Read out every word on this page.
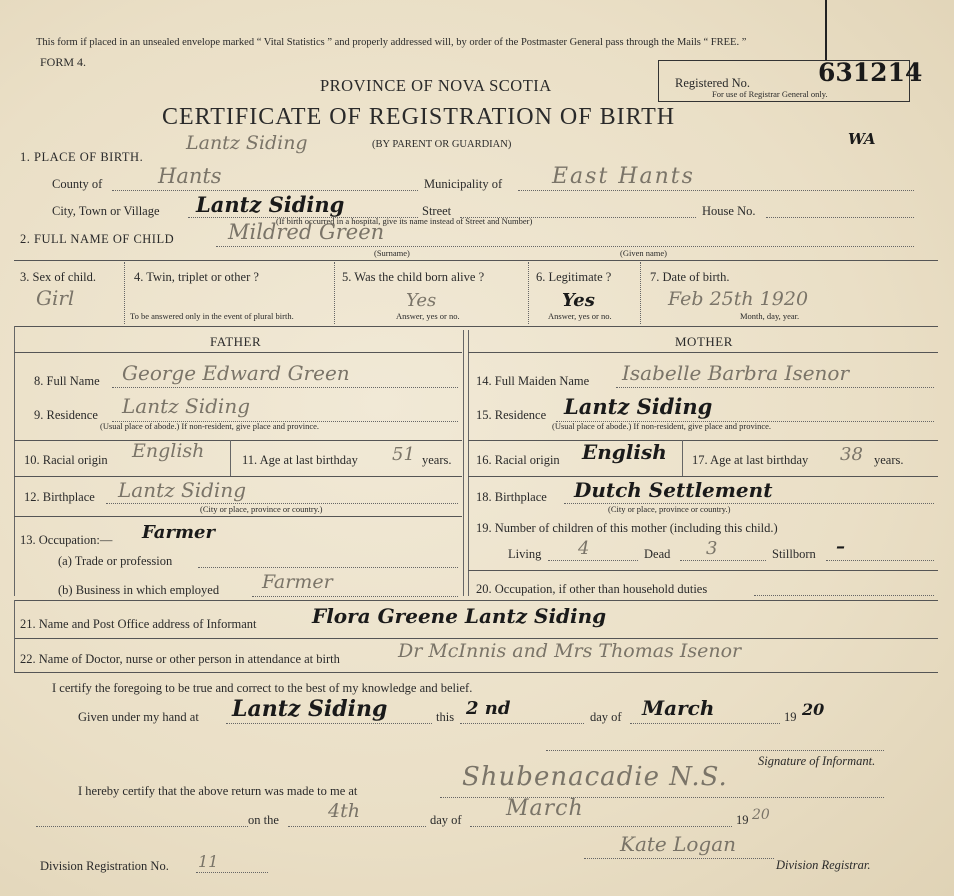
This form if placed in an unsealed envelope marked “ Vital Statistics ” and properly addressed will, by order of the Postmaster General pass through the Mails “ FREE. ”
FORM 4.
Registered No.	631214
For use of Registrar General only.
WA
PROVINCE OF NOVA SCOTIA
CERTIFICATE OF REGISTRATION OF BIRTH
(BY PARENT OR GUARDIAN)
1. PLACE OF BIRTH.
Lantz Siding
County of	Hants	Municipality of East Hants
City, Town or Village Lantz Siding
(If birth occurred in a hospital, give its name instead of Street and Number)
Street	House No.
2. FULL NAME OF CHILD	Mildred Green
(Surname)	(Given name)
3. Sex of child.
Girl
4. Twin, triplet or other ?
To be answered only in the event of plural birth.
5. Was the child born alive ?
Yes
Answer, yes or no.
6. Legitimate ?
Yes
Answer, yes or no.
7. Date of birth.
Feb 25th 1920
Month, day, year.
FATHER	MOTHER
8. Full Name George Edward Green
9. Residence Lantz Siding
(Usual place of abode.) If non-resident, give place and province.
10. Racial origin English	11. Age at last birthday 51 years.
12. Birthplace Lantz Siding
(City or place, province or country.)
13. Occupation:— Farmer
(a) Trade or profession
(b) Business in which employed Farmer
14. Full Maiden Name Isabelle Barbra Isenor
15. Residence Lantz Siding
(Usual place of abode.) If non-resident, give place and province.
16. Racial origin English 17. Age at last birthday 38 years.
18. Birthplace Dutch Settlement
(City or place, province or country.)
19. Number of children of this mother (including this child.)
Living 4	Dead 3	Stillborn –
20. Occupation, if other than household duties
21. Name and Post Office address of Informant	Flora Greene Lantz Siding
22. Name of Doctor, nurse or other person in attendance at birth	Dr McInnis and Mrs Thomas Isenor
I certify the foregoing to be true and correct to the best of my knowledge and belief.
Given under my hand at Lantz Siding	this 2 nd	day of March	19 20
Signature of Informant.
I hereby certify that the above return was made to me at	Shubenacadie N.S.
on the	4th	day of March	19 20
Kate Logan
Division Registrar.
Division Registration No. 11
